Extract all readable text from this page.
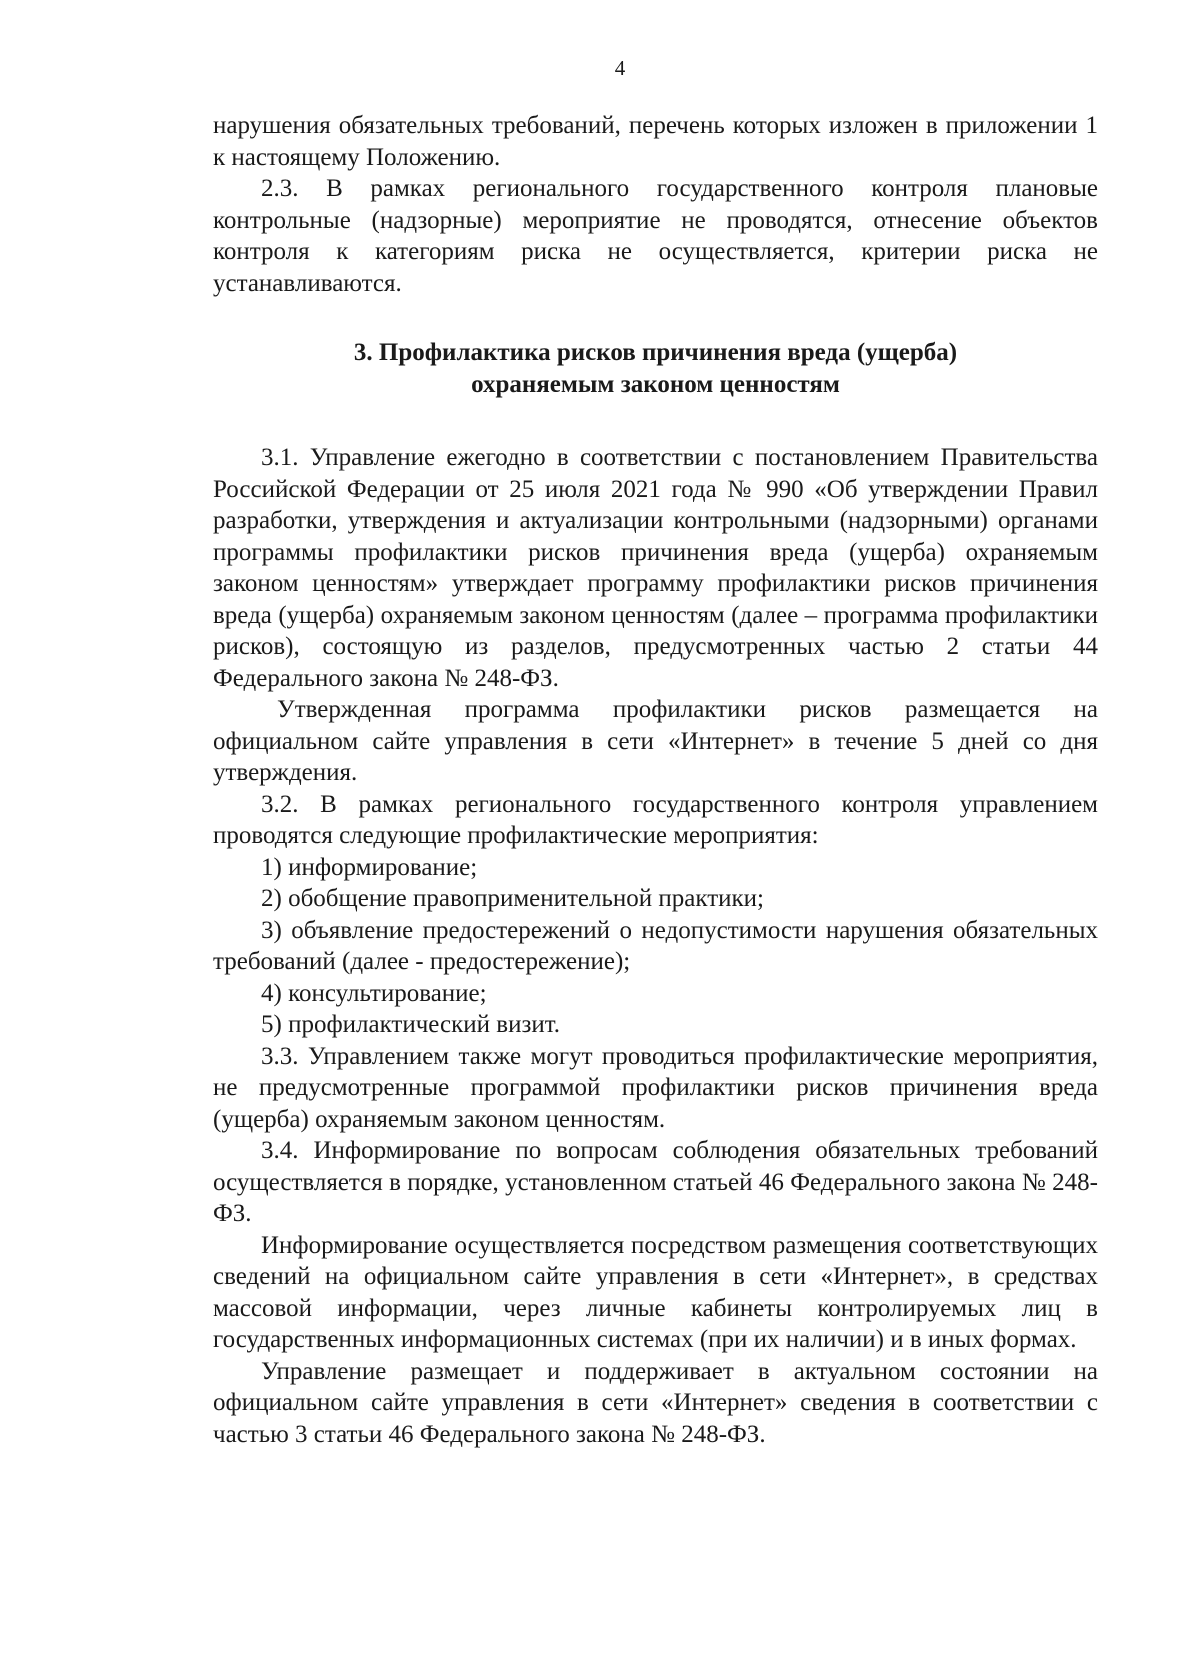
4

нарушения обязательных требований, перечень которых изложен в приложении 1 к настоящему Положению.

2.3. В рамках регионального государственного контроля плановые контрольные (надзорные) мероприятие не проводятся, отнесение объектов контроля к категориям риска не осуществляется, критерии риска не устанавливаются.

3. Профилактика рисков причинения вреда (ущерба)
охраняемым законом ценностям

3.1. Управление ежегодно в соответствии с постановлением Правительства Российской Федерации от 25 июля 2021 года № 990 «Об утверждении Правил разработки, утверждения и актуализации контрольными (надзорными) органами программы профилактики рисков причинения вреда (ущерба) охраняемым законом ценностям» утверждает программу профилактики рисков причинения вреда (ущерба) охраняемым законом ценностям (далее – программа профилактики рисков), состоящую из разделов, предусмотренных частью 2 статьи 44 Федерального закона № 248-ФЗ.

Утвержденная программа профилактики рисков размещается на официальном сайте управления в сети «Интернет» в течение 5 дней со дня утверждения.

3.2. В рамках регионального государственного контроля управлением проводятся следующие профилактические мероприятия:

1) информирование;

2) обобщение правоприменительной практики;

3) объявление предостережений о недопустимости нарушения обязательных требований (далее - предостережение);

4) консультирование;

5) профилактический визит.

3.3. Управлением также могут проводиться профилактические мероприятия, не предусмотренные программой профилактики рисков причинения вреда (ущерба) охраняемым законом ценностям.

3.4. Информирование по вопросам соблюдения обязательных требований осуществляется в порядке, установленном статьей 46 Федерального закона № 248-ФЗ.

Информирование осуществляется посредством размещения соответствующих сведений на официальном сайте управления в сети «Интернет», в средствах массовой информации, через личные кабинеты контролируемых лиц в государственных информационных системах (при их наличии) и в иных формах.

Управление размещает и поддерживает в актуальном состоянии на официальном сайте управления в сети «Интернет» сведения в соответствии с частью 3 статьи 46 Федерального закона № 248-ФЗ.
